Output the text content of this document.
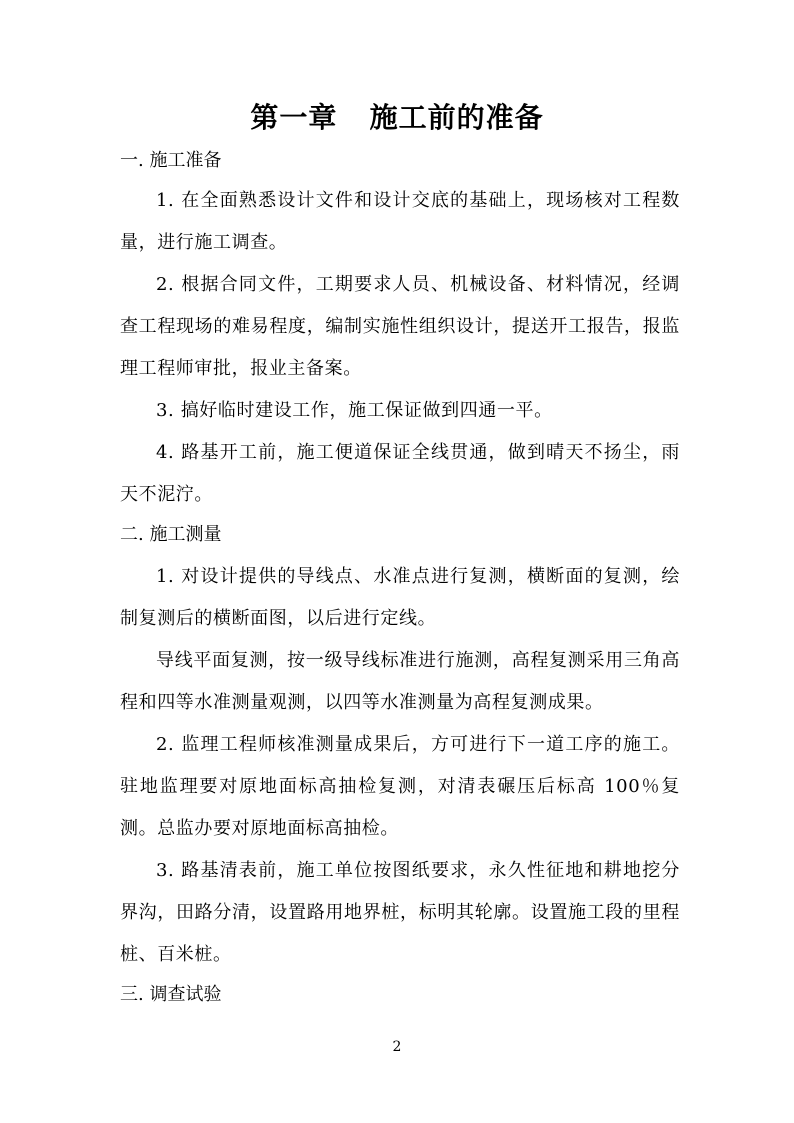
第一章   施工前的准备
一. 施工准备
1. 在全面熟悉设计文件和设计交底的基础上，现场核对工程数量，进行施工调查。
2. 根据合同文件，工期要求人员、机械设备、材料情况，经调查工程现场的难易程度，编制实施性组织设计，提送开工报告，报监理工程师审批，报业主备案。
3. 搞好临时建设工作，施工保证做到四通一平。
4. 路基开工前，施工便道保证全线贯通，做到晴天不扬尘，雨天不泥泞。
二. 施工测量
1. 对设计提供的导线点、水准点进行复测，横断面的复测，绘制复测后的横断面图，以后进行定线。
导线平面复测，按一级导线标准进行施测，高程复测采用三角高程和四等水准测量观测，以四等水准测量为高程复测成果。
2. 监理工程师核准测量成果后，方可进行下一道工序的施工。驻地监理要对原地面标高抽检复测，对清表碾压后标高 100％复测。总监办要对原地面标高抽检。
3. 路基清表前，施工单位按图纸要求，永久性征地和耕地挖分界沟，田路分清，设置路用地界桩，标明其轮廓。设置施工段的里程桩、百米桩。
三. 调查试验
2
